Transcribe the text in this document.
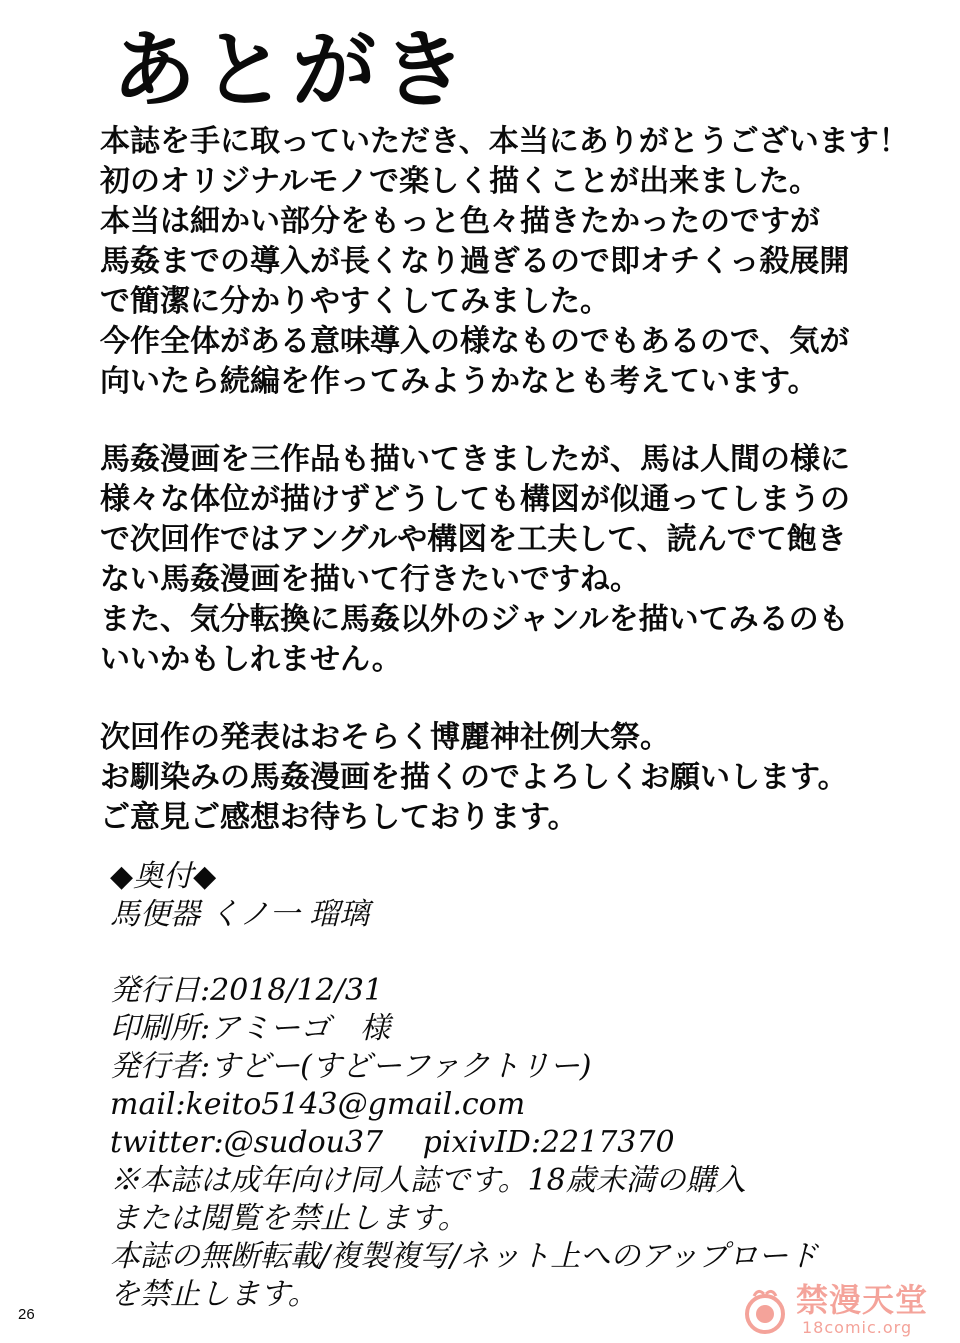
あとがき
本誌を手に取っていただき、本当にありがとうございます！
初のオリジナルモノで楽しく描くことが出来ました。
本当は細かい部分をもっと色々描きたかったのですが
馬姦までの導入が長くなり過ぎるので即オチくっ殺展開
で簡潔に分かりやすくしてみました。
今作全体がある意味導入の様なものでもあるので、気が
向いたら続編を作ってみようかなとも考えています。
馬姦漫画を三作品も描いてきましたが、馬は人間の様に
様々な体位が描けずどうしても構図が似通ってしまうの
で次回作ではアングルや構図を工夫して、読んでて飽き
ない馬姦漫画を描いて行きたいですね。
また、気分転換に馬姦以外のジャンルを描いてみるのも
いいかもしれません。
次回作の発表はおそらく博麗神社例大祭。
お馴染みの馬姦漫画を描くのでよろしくお願いします。
ご意見ご感想お待ちしております。
◆奥付◆
馬便器 くノ一 瑠璃
発行日:2018/12/31
印刷所:アミーゴ　様
発行者:すどー(すどーファクトリー)
mail:keito5143@gmail.com
twitter:@sudou37　 pixivID:2217370
※本誌は成年向け同人誌です。18歳未満の購入
または閲覧を禁止します。
本誌の無断転載/複製複写/ネット上へのアップロード
を禁止します。
26	禁漫天堂
18comic.org
